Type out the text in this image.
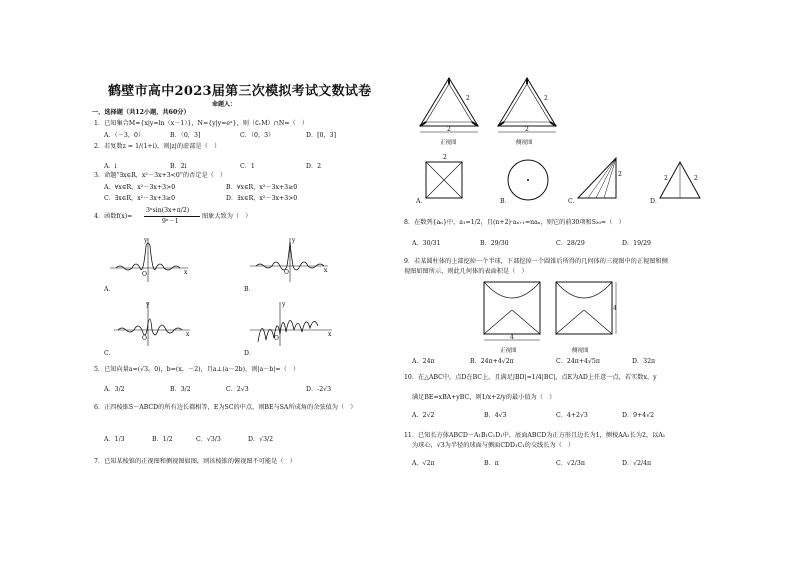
鹤壁市高中2023届第三次模拟考试文数试卷
命题人：
一、选择题（共12小题，共60分）
1．已知集合M={x|y=ln（x－1）}，N={y|y=eˣ}，则（∁ᵣM）∩N=（　）
A．（－3，0）	B．（0，3]	C．（0，3）	D．[0，3]
2．若复数z = 1/(1+i)，则|z|的虚部是（　）
A．i	B．2i	C．1	D．2
3．命题“∃x∈R，x²－3x+3<0”的否定是（　）
A．∀x∈R，x²－3x+3>0	B．∀x∈R，x²－3x+3≥0
C．∃x∈R，x²－3x+3≥0	D．∃x∈R，x²－3x+3>0
4．函数f(x)=
3ˣsin(3x+π/2)
9ˣ－1
图象大致为（　）
y
x
O
A．
y
x
O
B．
y
x
O
C．
y
x
O
D．
5．已知向量a=(√3，0)，b=(x，－2)，且a⊥(a－2b)，则|a－b|=（　）
A．3/2	B．3/2	C．2√3	D．-2√3
6．正四棱锥S－ABCD的所有边长都相等，E为SC的中点，则BE与SA所成角的余弦值为（　）
A．1/3	B．1/2	C．√3/3	D．√3/2
7．已知某棱锥的正视图和侧视图如图，则该棱锥的俯视图不可能是（　）
2
2
正视图
2
2
侧视图
2
A．	B．
2
C．
2	2
D．
8．在数列{aₙ}中，a₁=1/2，且(n+2)·aₙ₊₁=naₙ，则它的前30项和S₃₀=（　）
A．30/31	B．29/30	C．28/29	D．19/29
9．若某圆柱体的上部挖掉一个半球，下部挖掉一个圆锥后所得的几何体的三视图中的正视图和侧
视图如图所示，则此几何体的表面积是（　）
4
4
正视图	侧视图
A．24π	B．24π+4√2π	C．24π+4√5π	D．32π
10．在△ABC中，点D在BC上，且满足|BD|=1/4|BC|，点E为AD上任意一点，若实数x，y
满足BE=xBA+yBC，则1/x+2/y的最小值为（　）
A．2√2	B．4√3	C．4+2√3	D．9+4√2
11．已知长方体ABCD－A₁B₁C₁D₁中，底面ABCD为正方形且边长为1，侧棱AA₁长为2，以A₁
为球心，√3为半径的球面与侧面CDD₁C₁的交线长为（　）
A．√2π	B．π	C．√2/3π	D．√2/4π
